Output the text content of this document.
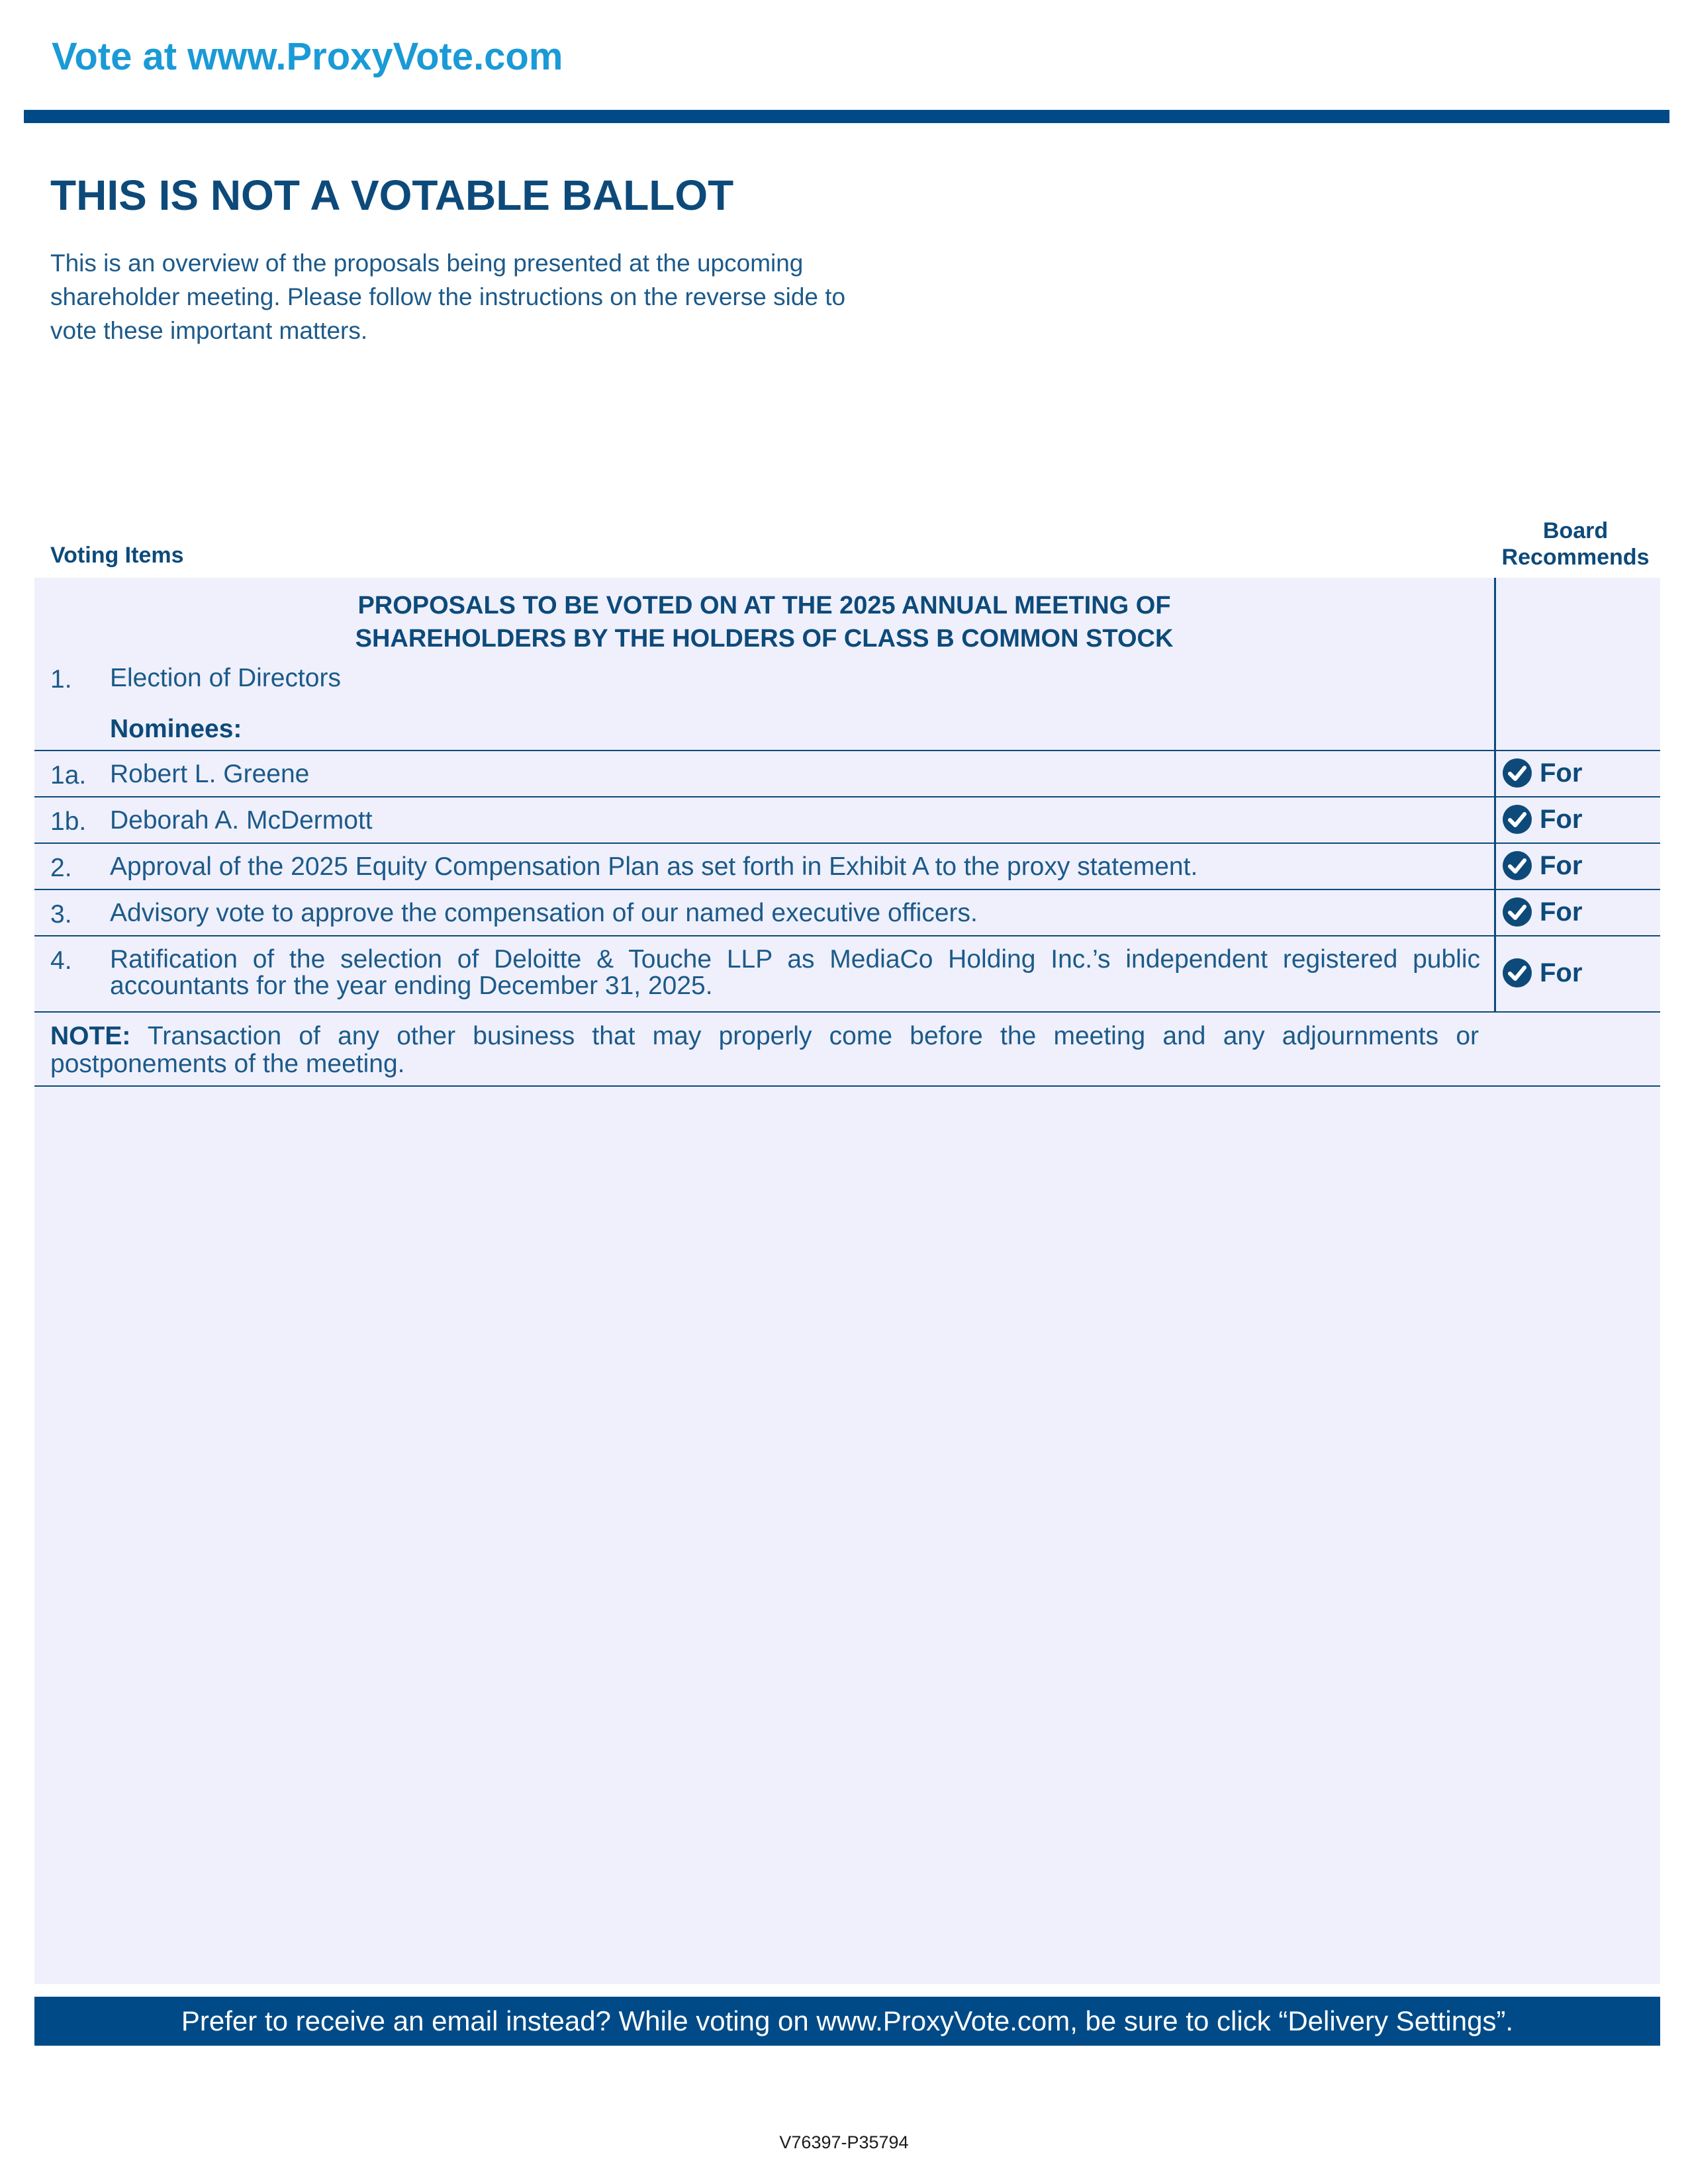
Vote at www.ProxyVote.com
THIS IS NOT A VOTABLE BALLOT
This is an overview of the proposals being presented at the upcoming shareholder meeting. Please follow the instructions on the reverse side to vote these important matters.
Voting Items
Board
Recommends
PROPOSALS TO BE VOTED ON AT THE 2025 ANNUAL MEETING OF
SHAREHOLDERS BY THE HOLDERS OF CLASS B COMMON STOCK
1. Election of Directors
Nominees:
1a. Robert L. Greene	For
1b. Deborah A. McDermott	For
2. Approval of the 2025 Equity Compensation Plan as set forth in Exhibit A to the proxy statement.	For
3. Advisory vote to approve the compensation of our named executive officers.	For
4. Ratification of the selection of Deloitte & Touche LLP as MediaCo Holding Inc.’s independent registered public accountants for the year ending December 31, 2025.	For
NOTE: Transaction of any other business that may properly come before the meeting and any adjournments or postponements of the meeting.
Prefer to receive an email instead? While voting on www.ProxyVote.com, be sure to click “Delivery Settings”.
V76397-P35794
